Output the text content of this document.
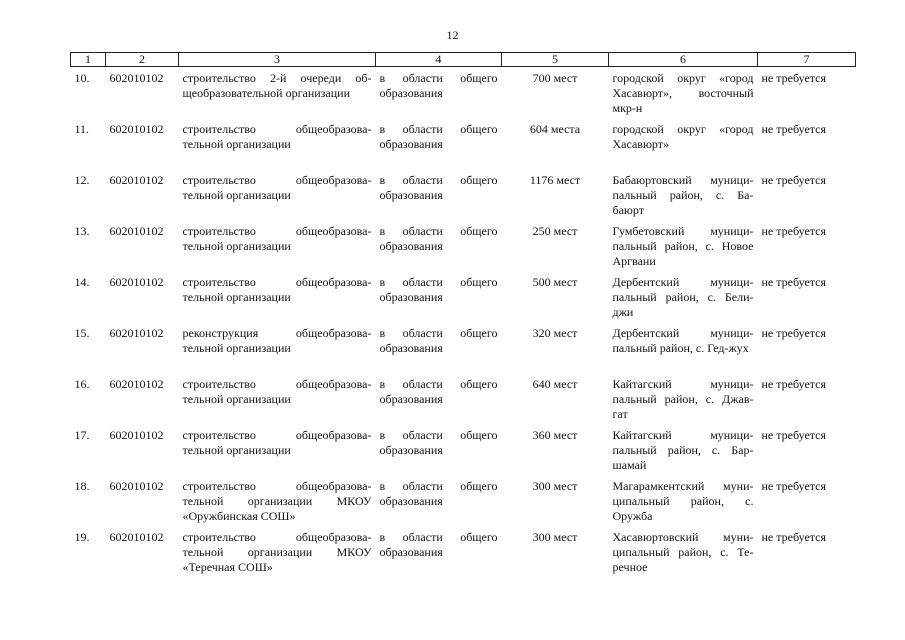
12
1	2	3	4	5	6	7
10.	602010102	строительство 2-й очереди об-щеобразовательной организации	в области общего образования	700 мест	городской округ «город Хасавюрт», восточный мкр-н	не требуется
11.	602010102	строительство общеобразова-тельной организации	в области общего образования	604 места	городской округ «город Хасавюрт»	не требуется
12.	602010102	строительство общеобразова-тельной организации	в области общего образования	1176 мест	Бабаюртовский муници-пальный район, с. Ба-баюрт	не требуется
13.	602010102	строительство общеобразова-тельной организации	в области общего образования	250 мест	Гумбетовский муници-пальный район, с. Новое Аргвани	не требуется
14.	602010102	строительство общеобразова-тельной организации	в области общего образования	500 мест	Дербентский муници-пальный район, с. Бели-джи	не требуется
15.	602010102	реконструкция общеобразова-тельной организации	в области общего образования	320 мест	Дербентский муници-пальный район, с. Гед-жух	не требуется
16.	602010102	строительство общеобразова-тельной организации	в области общего образования	640 мест	Кайтагский муници-пальный район, с. Джав-гат	не требуется
17.	602010102	строительство общеобразова-тельной организации	в области общего образования	360 мест	Кайтагский муници-пальный район, с. Бар-шамай	не требуется
18.	602010102	строительство общеобразова-тельной организации МКОУ «Оружбинская СОШ»	в области общего образования	300 мест	Магарамкентский муни-ципальный район, с. Оружба	не требуется
19.	602010102	строительство общеобразова-тельной организации МКОУ «Теречная СОШ»	в области общего образования	300 мест	Хасавюртовский муни-ципальный район, с. Те-речное	не требуется
